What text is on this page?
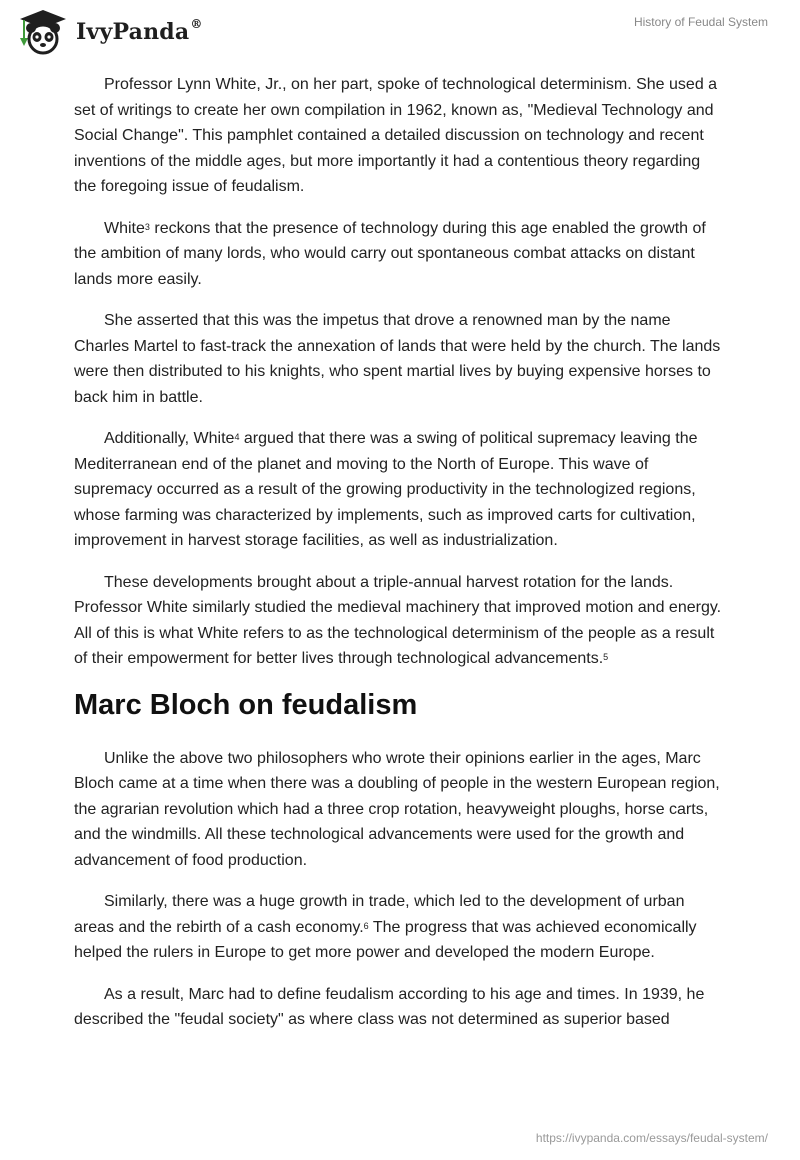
IvyPanda®	History of Feudal System

Professor Lynn White, Jr., on her part, spoke of technological determinism. She used a set of writings to create her own compilation in 1962, known as, "Medieval Technology and Social Change". This pamphlet contained a detailed discussion on technology and recent inventions of the middle ages, but more importantly it had a contentious theory regarding the foregoing issue of feudalism.

White$^3$ reckons that the presence of technology during this age enabled the growth of the ambition of many lords, who would carry out spontaneous combat attacks on distant lands more easily.

She asserted that this was the impetus that drove a renowned man by the name Charles Martel to fast-track the annexation of lands that were held by the church. The lands were then distributed to his knights, who spent martial lives by buying expensive horses to back him in battle.

Additionally, White$^4$ argued that there was a swing of political supremacy leaving the Mediterranean end of the planet and moving to the North of Europe. This wave of supremacy occurred as a result of the growing productivity in the technologized regions, whose farming was characterized by implements, such as improved carts for cultivation, improvement in harvest storage facilities, as well as industrialization.

These developments brought about a triple-annual harvest rotation for the lands. Professor White similarly studied the medieval machinery that improved motion and energy. All of this is what White refers to as the technological determinism of the people as a result of their empowerment for better lives through technological advancements.$^5$

Marc Bloch on feudalism

Unlike the above two philosophers who wrote their opinions earlier in the ages, Marc Bloch came at a time when there was a doubling of people in the western European region, the agrarian revolution which had a three crop rotation, heavyweight ploughs, horse carts, and the windmills. All these technological advancements were used for the growth and advancement of food production.

Similarly, there was a huge growth in trade, which led to the development of urban areas and the rebirth of a cash economy.$^6$ The progress that was achieved economically helped the rulers in Europe to get more power and developed the modern Europe.

As a result, Marc had to define feudalism according to his age and times. In 1939, he described the "feudal society" as where class was not determined as superior based

https://ivypanda.com/essays/feudal-system/
